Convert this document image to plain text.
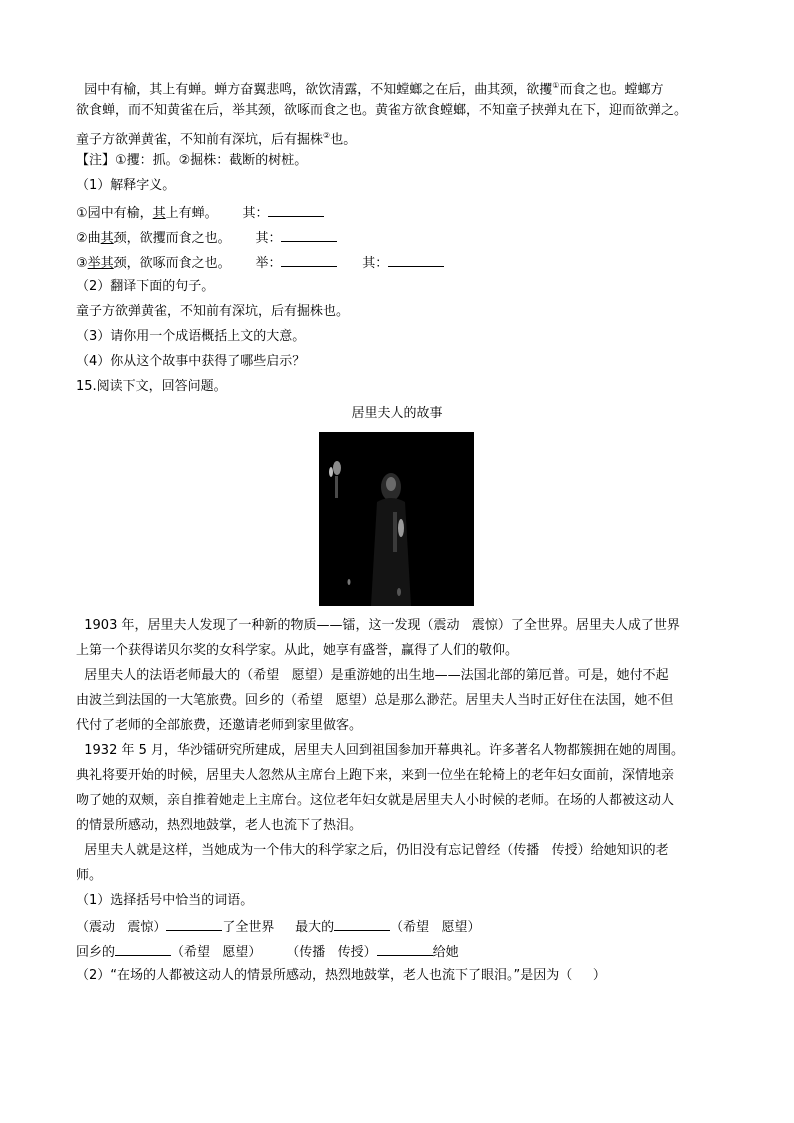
园中有榆，其上有蝉。蝉方奋翼悲鸣，欲饮清露，不知螳螂之在后，曲其颈，欲攫①而食之也。螳螂方
欲食蝉，而不知黄雀在后，举其颈，欲啄而食之也。黄雀方欲食螳螂，不知童子挟弹丸在下，迎而欲弹之。
童子方欲弹黄雀，不知前有深坑，后有掘株②也。
【注】①攫：抓。②掘株：截断的树桩。
（1）解释字义。
①园中有榆，其上有蝉。      其：
②曲其颈，欲攫而食之也。      其：
③举其颈，欲啄而食之也。      举：	其：
（2）翻译下面的句子。
童子方欲弹黄雀，不知前有深坑，后有掘株也。
（3）请你用一个成语概括上文的大意。
（4）你从这个故事中获得了哪些启示？
15.阅读下文，回答问题。
居里夫人的故事
1903 年，居里夫人发现了一种新的物质——镭，这一发现（震动   震惊）了全世界。居里夫人成了世界
上第一个获得诺贝尔奖的女科学家。从此，她享有盛誉，赢得了人们的敬仰。
居里夫人的法语老师最大的（希望   愿望）是重游她的出生地——法国北部的第厄普。可是，她付不起
由波兰到法国的一大笔旅费。回乡的（希望   愿望）总是那么渺茫。居里夫人当时正好住在法国，她不但
代付了老师的全部旅费，还邀请老师到家里做客。
1932 年 5 月，华沙镭研究所建成，居里夫人回到祖国参加开幕典礼。许多著名人物都簇拥在她的周围。
典礼将要开始的时候，居里夫人忽然从主席台上跑下来，来到一位坐在轮椅上的老年妇女面前，深情地亲
吻了她的双颊，亲自推着她走上主席台。这位老年妇女就是居里夫人小时候的老师。在场的人都被这动人
的情景所感动，热烈地鼓掌，老人也流下了热泪。
居里夫人就是这样，当她成为一个伟大的科学家之后，仍旧没有忘记曾经（传播   传授）给她知识的老
师。
（1）选择括号中恰当的词语。
（震动   震惊）	了全世界     最大的	（希望   愿望）
回乡的	（希望   愿望）      （传播   传授）	给她
（2）“在场的人都被这动人的情景所感动，热烈地鼓掌，老人也流下了眼泪。”是因为（     ）
